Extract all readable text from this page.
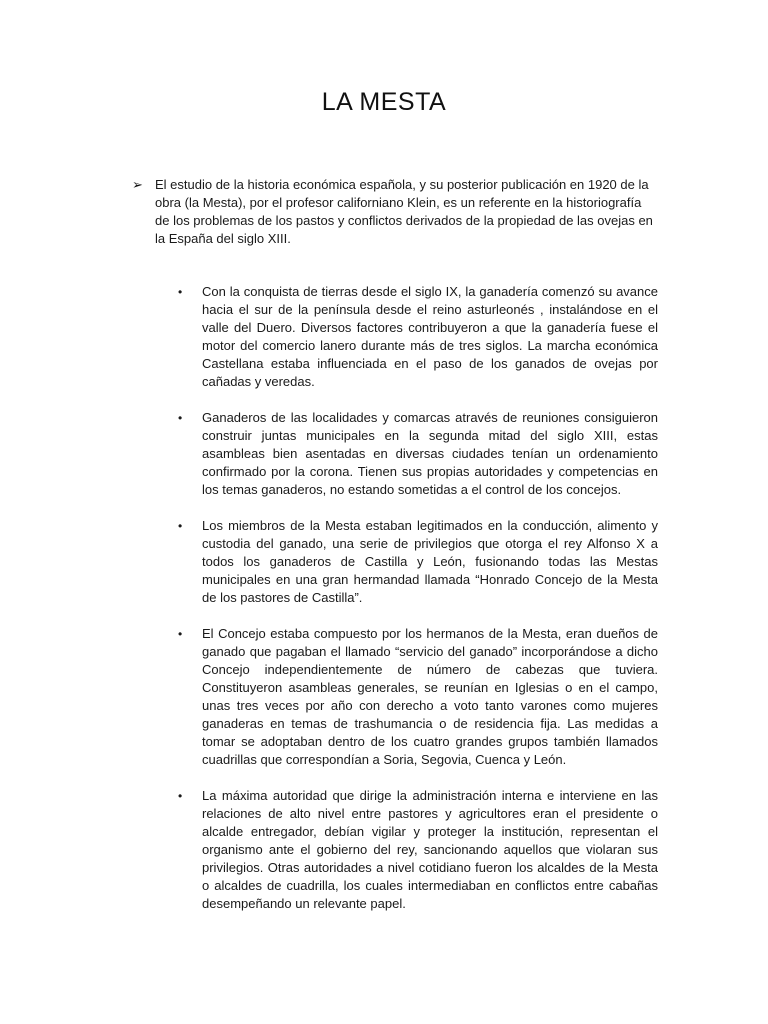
LA MESTA
➢ El estudio de la historia económica española, y su posterior publicación en 1920 de la obra (la Mesta), por el profesor californiano Klein, es un referente en la historiografía de los problemas de los pastos y conflictos derivados de la propiedad de las ovejas en la España del siglo XIII.
• Con la conquista de tierras desde el siglo IX, la ganadería comenzó su avance hacia el sur de la península desde el reino asturleonés , instalándose en el valle del Duero. Diversos factores contribuyeron a que la ganadería fuese el motor del comercio lanero durante más de tres siglos. La marcha económica Castellana estaba influenciada en el paso de los ganados de ovejas por cañadas y veredas.
• Ganaderos de las localidades y comarcas através de reuniones consiguieron construir juntas municipales en la segunda mitad del siglo XIII, estas asambleas bien asentadas en diversas ciudades tenían un ordenamiento confirmado por la corona. Tienen sus propias autoridades y competencias en los temas ganaderos, no estando sometidas a el control de los concejos.
• Los miembros de la Mesta estaban legitimados en la conducción, alimento y custodia del ganado, una serie de privilegios que otorga el rey Alfonso X a todos los ganaderos de Castilla y León, fusionando todas las Mestas municipales en una gran hermandad llamada “Honrado Concejo de la Mesta de los pastores de Castilla”.
• El Concejo estaba compuesto por los hermanos de la Mesta, eran dueños de ganado que pagaban el llamado “servicio del ganado” incorporándose a dicho Concejo independientemente de número de cabezas que tuviera. Constituyeron asambleas generales, se reunían en Iglesias o en el campo, unas tres veces por año con derecho a voto tanto varones como mujeres ganaderas en temas de trashumancia o de residencia fija. Las medidas a tomar se adoptaban dentro de los cuatro grandes grupos también llamados cuadrillas que correspondían a Soria, Segovia, Cuenca y León.
• La máxima autoridad que dirige la administración interna e interviene en las relaciones de alto nivel entre pastores y agricultores eran el presidente o alcalde entregador, debían vigilar y proteger la institución, representan el organismo ante el gobierno del rey, sancionando aquellos que violaran sus privilegios. Otras autoridades a nivel cotidiano fueron los alcaldes de la Mesta o alcaldes de cuadrilla, los cuales intermediaban en conflictos entre cabañas desempeñando un relevante papel.
